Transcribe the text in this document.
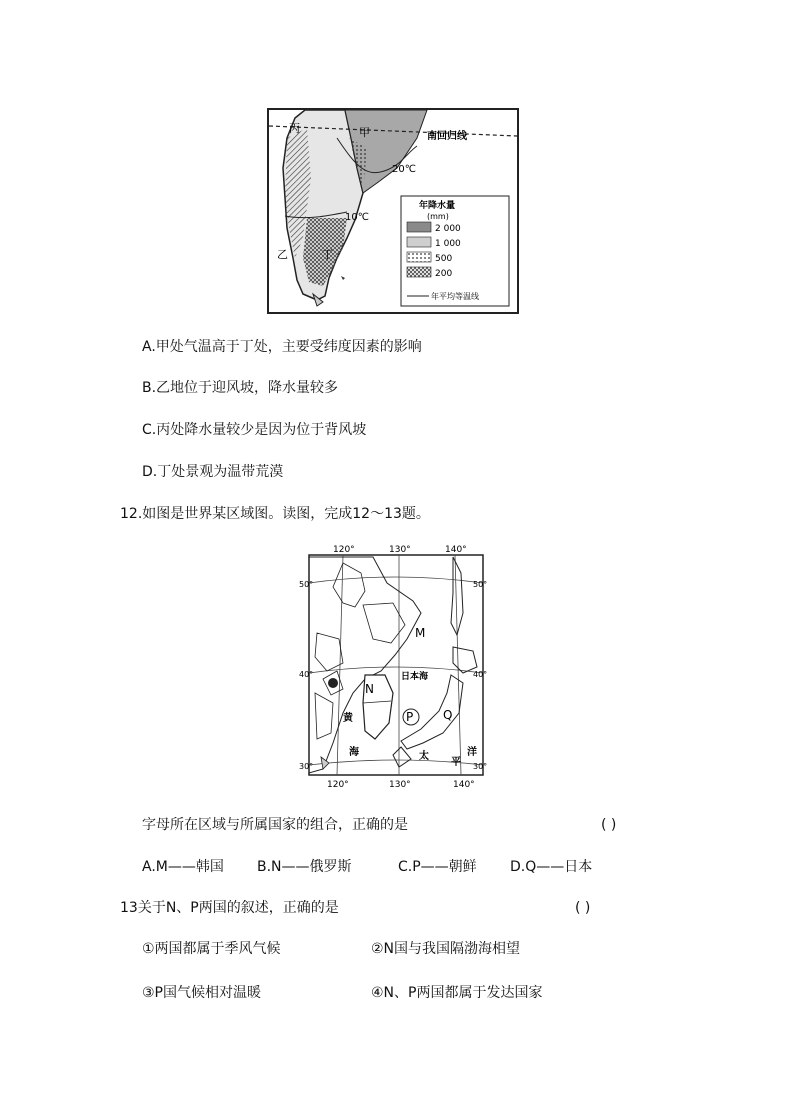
丙	甲	南回归线
20℃
10℃
乙	丁
年降水量
(mm)
2 000
1 000
500
200
年平均等温线
A.甲处气温高于丁处，主要受纬度因素的影响
B.乙地位于迎风坡，降水量较多
C.丙处降水量较少是因为位于背风坡
D.丁处景观为温带荒漠
12.如图是世界某区域图。读图，完成12～13题。
120°	130°	140°
120°	130°	140°
50°
40°
30°
50°
40°
30°
M
N
P Q
日本海
黄
海	太
平
洋
字母所在区域与所属国家的组合，正确的是	( )
A.M——韩国 B.N——俄罗斯	C.P——朝鲜 D.Q——日本
13关于N、P两国的叙述，正确的是	( )
①两国都属于季风气候	②N国与我国隔渤海相望
③P国气候相对温暖	④N、P两国都属于发达国家
